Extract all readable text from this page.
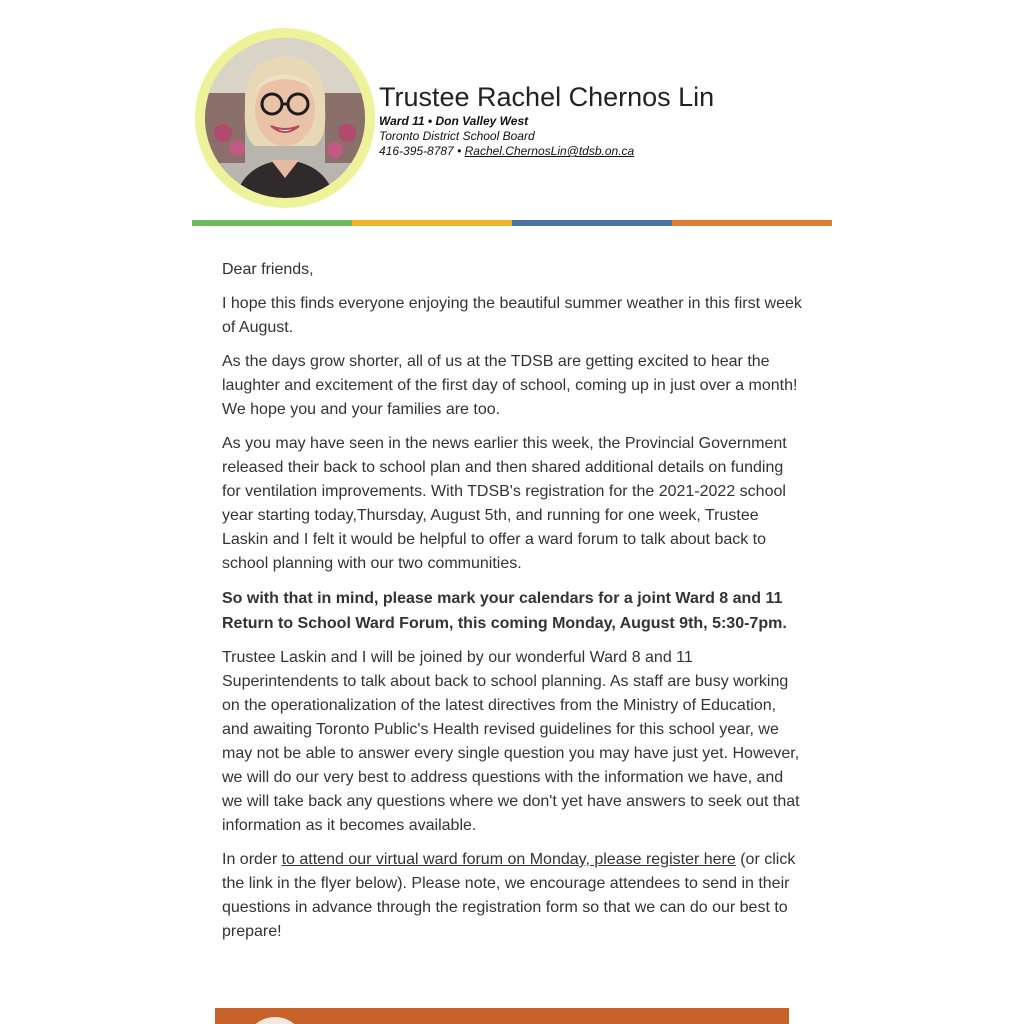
Trustee Rachel Chernos Lin
Ward 11 • Don Valley West
Toronto District School Board
416-395-8787 • Rachel.ChernosLin@tdsb.on.ca

Dear friends,

I hope this finds everyone enjoying the beautiful summer weather in this first week of August.

As the days grow shorter, all of us at the TDSB are getting excited to hear the laughter and excitement of the first day of school, coming up in just over a month! We hope you and your families are too.

As you may have seen in the news earlier this week, the Provincial Government released their back to school plan and then shared additional details on funding for ventilation improvements. With TDSB's registration for the 2021-2022 school year starting today,Thursday, August 5th, and running for one week, Trustee Laskin and I felt it would be helpful to offer a ward forum to talk about back to school planning with our two communities.

So with that in mind, please mark your calendars for a joint Ward 8 and 11 Return to School Ward Forum, this coming Monday, August 9th, 5:30-7pm.

Trustee Laskin and I will be joined by our wonderful Ward 8 and 11 Superintendents to talk about back to school planning. As staff are busy working on the operationalization of the latest directives from the Ministry of Education, and awaiting Toronto Public's Health revised guidelines for this school year, we may not be able to answer every single question you may have just yet. However, we will do our very best to address questions with the information we have, and we will take back any questions where we don't yet have answers to seek out that information as it becomes available.

In order to attend our virtual ward forum on Monday, please register here (or click the link in the flyer below). Please note, we encourage attendees to send in their questions in advance through the registration form so that we can do our best to prepare!
